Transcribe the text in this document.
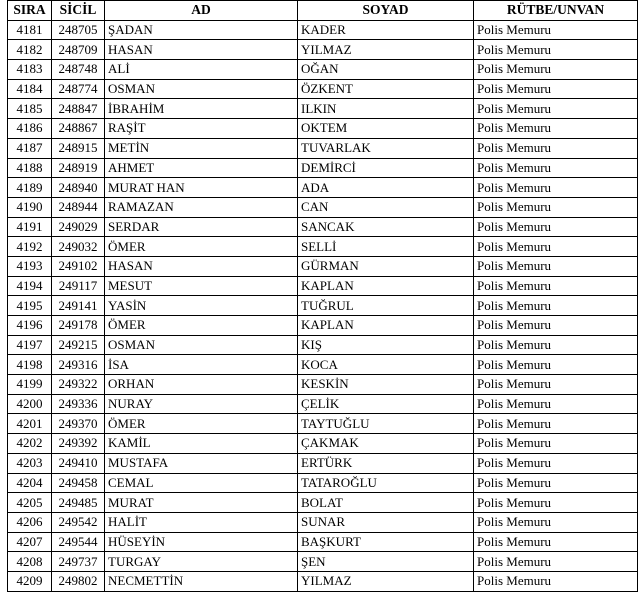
SIRA	SİCİL	AD	SOYAD	RÜTBE/UNVAN
4181	248705	ŞADAN	KADER	Polis Memuru
4182	248709	HASAN	YILMAZ	Polis Memuru
4183	248748	ALİ	OĞAN	Polis Memuru
4184	248774	OSMAN	ÖZKENT	Polis Memuru
4185	248847	İBRAHİM	ILKIN	Polis Memuru
4186	248867	RAŞİT	OKTEM	Polis Memuru
4187	248915	METİN	TUVARLAK	Polis Memuru
4188	248919	AHMET	DEMİRCİ	Polis Memuru
4189	248940	MURAT HAN	ADA	Polis Memuru
4190	248944	RAMAZAN	CAN	Polis Memuru
4191	249029	SERDAR	SANCAK	Polis Memuru
4192	249032	ÖMER	SELLİ	Polis Memuru
4193	249102	HASAN	GÜRMAN	Polis Memuru
4194	249117	MESUT	KAPLAN	Polis Memuru
4195	249141	YASİN	TUĞRUL	Polis Memuru
4196	249178	ÖMER	KAPLAN	Polis Memuru
4197	249215	OSMAN	KIŞ	Polis Memuru
4198	249316	İSA	KOCA	Polis Memuru
4199	249322	ORHAN	KESKİN	Polis Memuru
4200	249336	NURAY	ÇELİK	Polis Memuru
4201	249370	ÖMER	TAYTUĞLU	Polis Memuru
4202	249392	KAMİL	ÇAKMAK	Polis Memuru
4203	249410	MUSTAFA	ERTÜRK	Polis Memuru
4204	249458	CEMAL	TATAROĞLU	Polis Memuru
4205	249485	MURAT	BOLAT	Polis Memuru
4206	249542	HALİT	SUNAR	Polis Memuru
4207	249544	HÜSEYİN	BAŞKURT	Polis Memuru
4208	249737	TURGAY	ŞEN	Polis Memuru
4209	249802	NECMETTİN	YILMAZ	Polis Memuru
